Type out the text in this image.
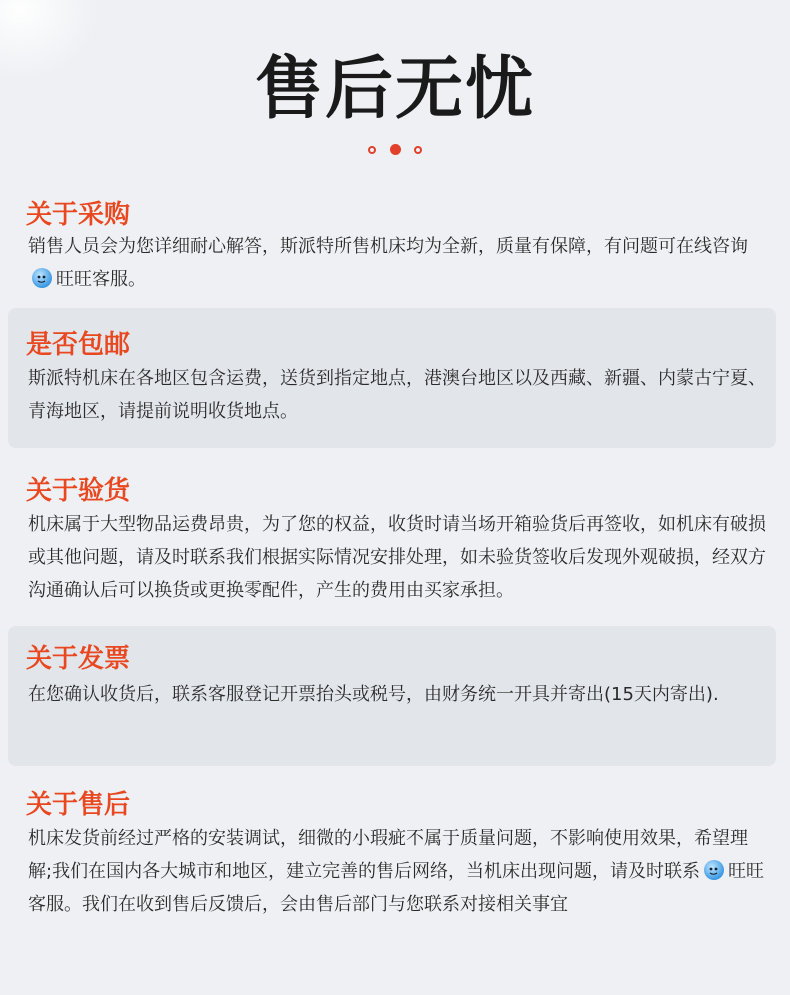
售后无忧

关于采购
销售人员会为您详细耐心解答，斯派特所售机床均为全新，质量有保障，有问题可在线咨询旺旺客服。
是否包邮
斯派特机床在各地区包含运费，送货到指定地点，港澳台地区以及西藏、新疆、内蒙古宁夏、青海地区，请提前说明收货地点。
关于验货
机床属于大型物品运费昂贵，为了您的权益，收货时请当场开箱验货后再签收，如机床有破损或其他问题，请及时联系我们根据实际情况安排处理，如未验货签收后发现外观破损，经双方沟通确认后可以换货或更换零配件，产生的费用由买家承担。
关于发票
在您确认收货后，联系客服登记开票抬头或税号，由财务统一开具并寄出(15天内寄出).
关于售后
机床发货前经过严格的安装调试，细微的小瑕疵不属于质量问题，不影响使用效果，希望理解;我们在国内各大城市和地区，建立完善的售后网络，当机床出现问题，请及时联系 旺旺客服。我们在收到售后反馈后，会由售后部门与您联系对接相关事宜
